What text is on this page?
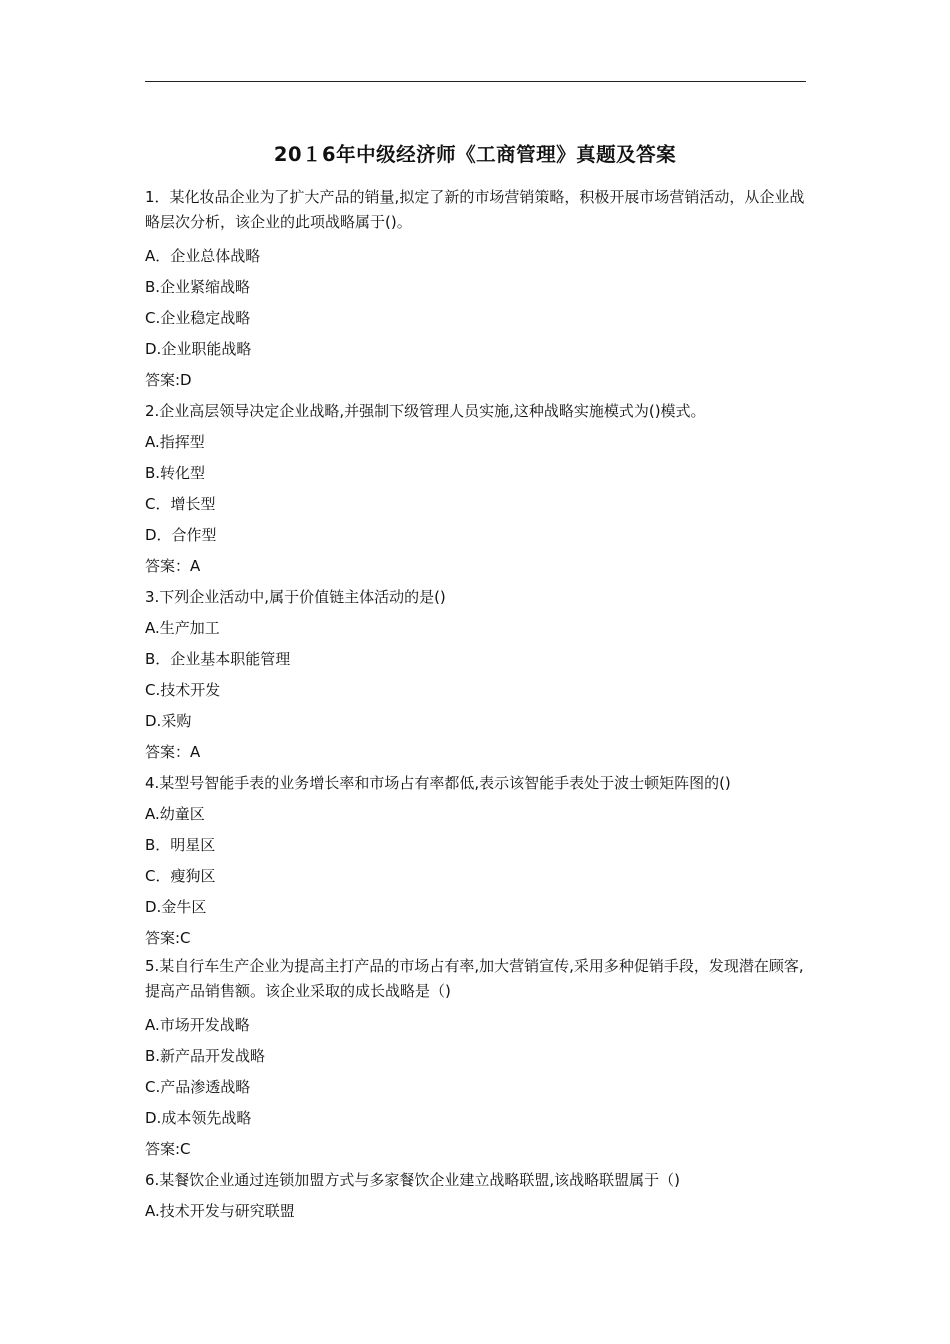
20１6年中级经济师《工商管理》真题及答案
1．某化妆品企业为了扩大产品的销量,拟定了新的市场营销策略，积极开展市场营销活动，从企业战略层次分析，该企业的此项战略属于()。
A．企业总体战略
B.企业紧缩战略
C.企业稳定战略
D.企业职能战略
答案:D
2.企业高层领导决定企业战略,并强制下级管理人员实施,这种战略实施模式为()模式。
A.指挥型
B.转化型
C．增长型
D．合作型
答案：A
3.下列企业活动中,属于价值链主体活动的是()
A.生产加工
B．企业基本职能管理
C.技术开发
D.采购
答案：A
4.某型号智能手表的业务增长率和市场占有率都低,表示该智能手表处于波士顿矩阵图的()
A.幼童区
B．明星区
C．瘦狗区
D.金牛区
答案:C
5.某自行车生产企业为提高主打产品的市场占有率,加大营销宣传,采用多种促销手段，发现潜在顾客,提高产品销售额。该企业采取的成长战略是（)
A.市场开发战略
B.新产品开发战略
C.产品渗透战略
D.成本领先战略
答案:C
6.某餐饮企业通过连锁加盟方式与多家餐饮企业建立战略联盟,该战略联盟属于（)
A.技术开发与研究联盟
